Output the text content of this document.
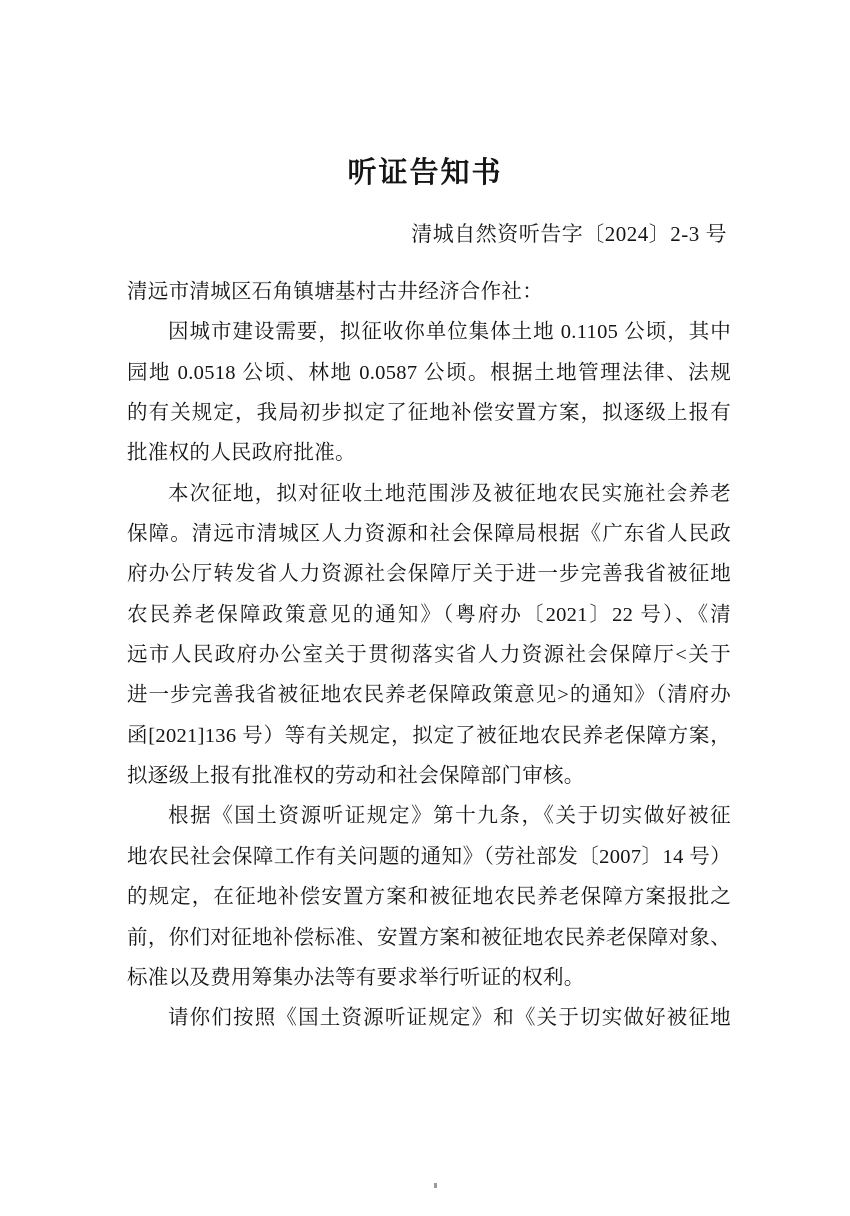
听证告知书
清城自然资听告字〔2024〕2-3 号
清远市清城区石角镇塘基村古井经济合作社：
因城市建设需要，拟征收你单位集体土地 0.1105 公顷，其中
园地 0.0518 公顷、林地 0.0587 公顷。根据土地管理法律、法规
的有关规定，我局初步拟定了征地补偿安置方案，拟逐级上报有
批准权的人民政府批准。
本次征地，拟对征收土地范围涉及被征地农民实施社会养老
保障。清远市清城区人力资源和社会保障局根据《广东省人民政
府办公厅转发省人力资源社会保障厅关于进一步完善我省被征地
农民养老保障政策意见的通知》（粤府办〔2021〕22 号）、《清
远市人民政府办公室关于贯彻落实省人力资源社会保障厅<关于
进一步完善我省被征地农民养老保障政策意见>的通知》（清府办
函[2021]136 号）等有关规定，拟定了被征地农民养老保障方案，
拟逐级上报有批准权的劳动和社会保障部门审核。
根据《国土资源听证规定》第十九条，《关于切实做好被征
地农民社会保障工作有关问题的通知》（劳社部发〔2007〕14 号）
的规定，在征地补偿安置方案和被征地农民养老保障方案报批之
前，你们对征地补偿标准、安置方案和被征地农民养老保障对象、
标准以及费用筹集办法等有要求举行听证的权利。
请你们按照《国土资源听证规定》和《关于切实做好被征地
